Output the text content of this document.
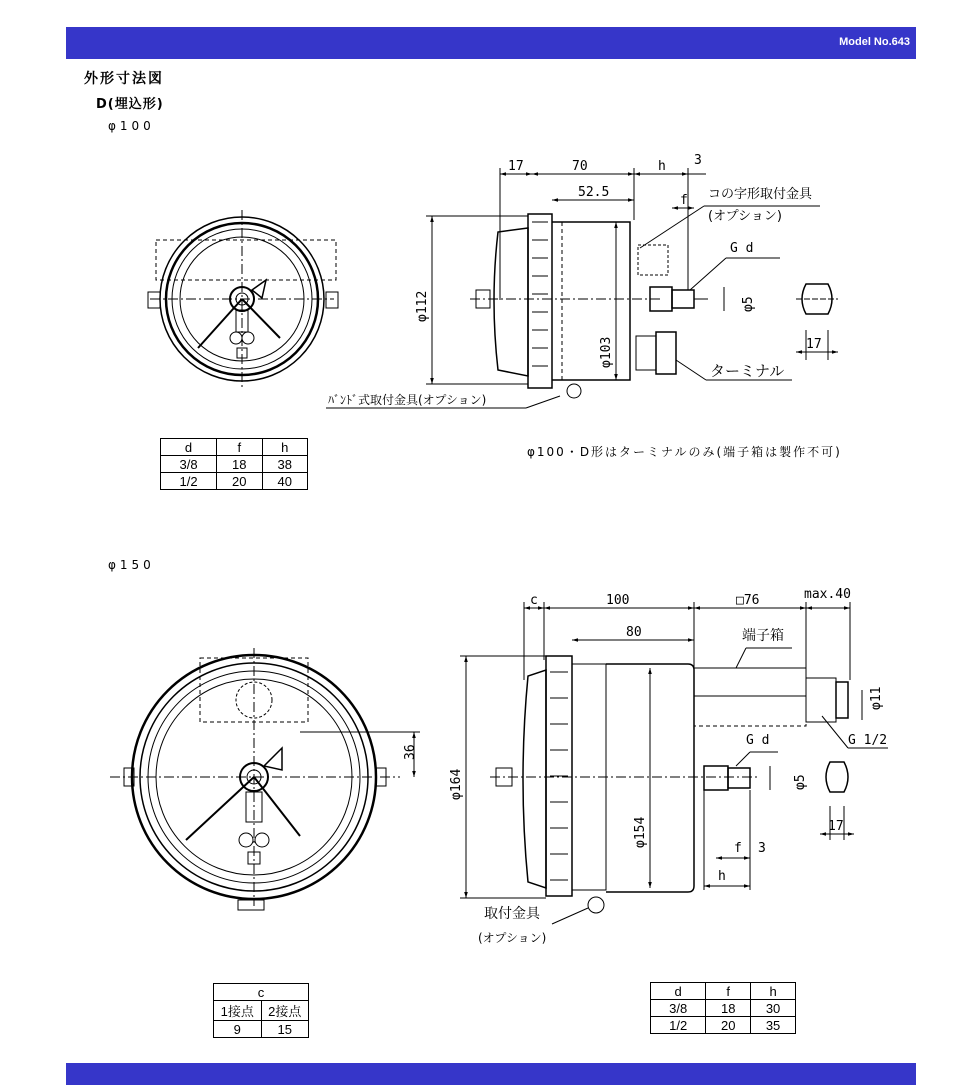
Model No.643
外形寸法図
D(埋込形)
φ100
φ150
φ100・D形はターミナルのみ(端子箱は製作不可)
17	70	h 3
52.5
f
G d
17
φ112
φ103
φ5
コの字形取付金具
(オプション)
ターミナル
ﾊﾞﾝﾄﾞ式取付金具(オプション)
c	100	□76	max.40
80
G d	G 1/2
17
f 3
h
φ164
φ154
φ5
φ11
36
端子箱
取付金具
(オプション)
d	f	h
3/8	18	38
1/2	20	40
c	
1接点	2接点
9	15
d	f	h
3/8	18	30
1/2	20	35
